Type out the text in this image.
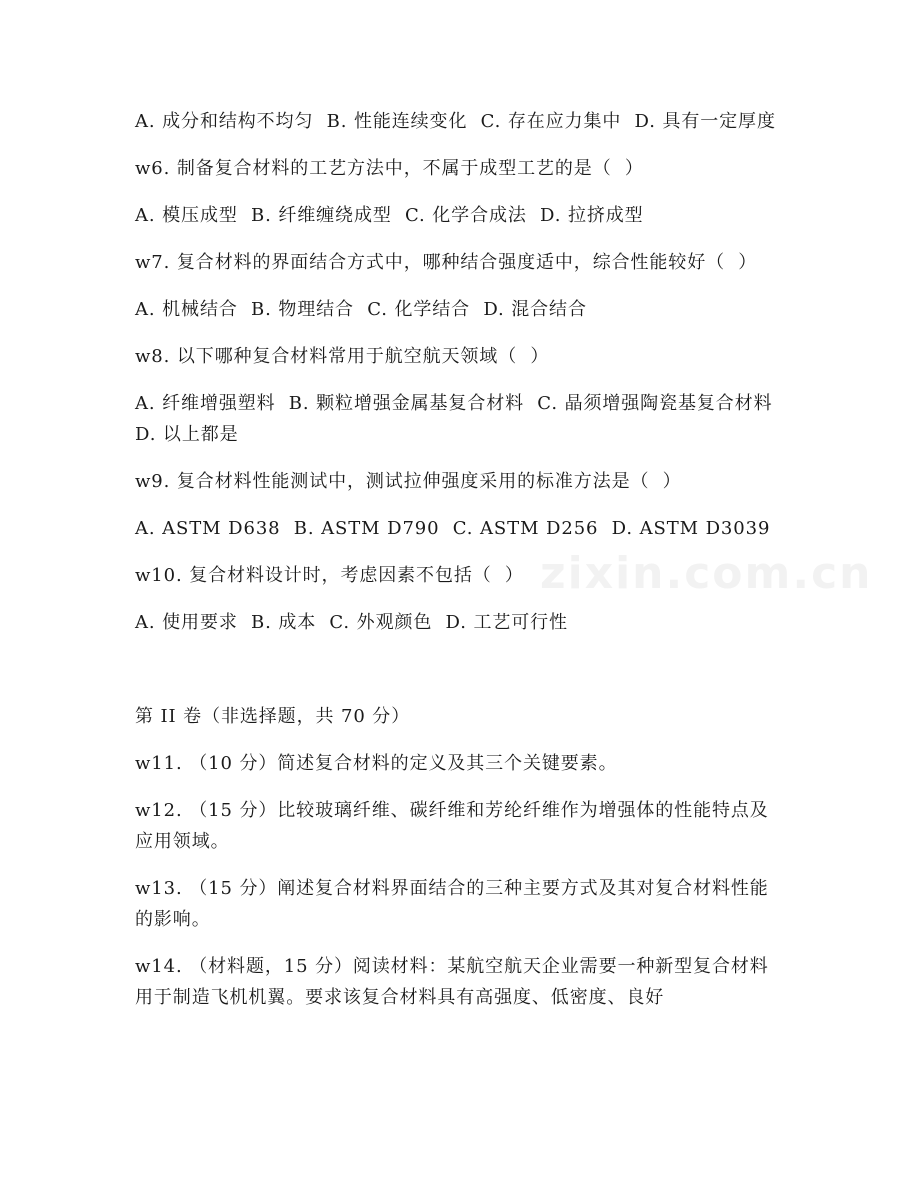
zixin.com.cn

A. 成分和结构不均匀  B. 性能连续变化  C. 存在应力集中  D. 具有一定厚度

w6. 制备复合材料的工艺方法中，不属于成型工艺的是（  ）

A. 模压成型  B. 纤维缠绕成型  C. 化学合成法  D. 拉挤成型

w7. 复合材料的界面结合方式中，哪种结合强度适中，综合性能较好（  ）

A. 机械结合  B. 物理结合  C. 化学结合  D. 混合结合

w8. 以下哪种复合材料常用于航空航天领域（  ）

A. 纤维增强塑料  B. 颗粒增强金属基复合材料  C. 晶须增强陶瓷基复合材料  D. 以上都是

w9. 复合材料性能测试中，测试拉伸强度采用的标准方法是（  ）

A. ASTM D638  B. ASTM D790  C. ASTM D256  D. ASTM D3039

w10. 复合材料设计时，考虑因素不包括（  ）

A. 使用要求  B. 成本  C. 外观颜色  D. 工艺可行性

第 II 卷（非选择题，共 70 分）

w11. （10 分）简述复合材料的定义及其三个关键要素。

w12. （15 分）比较玻璃纤维、碳纤维和芳纶纤维作为增强体的性能特点及应用领域。

w13. （15 分）阐述复合材料界面结合的三种主要方式及其对复合材料性能的影响。

w14. （材料题，15 分）阅读材料：某航空航天企业需要一种新型复合材料用于制造飞机机翼。要求该复合材料具有高强度、低密度、良好
